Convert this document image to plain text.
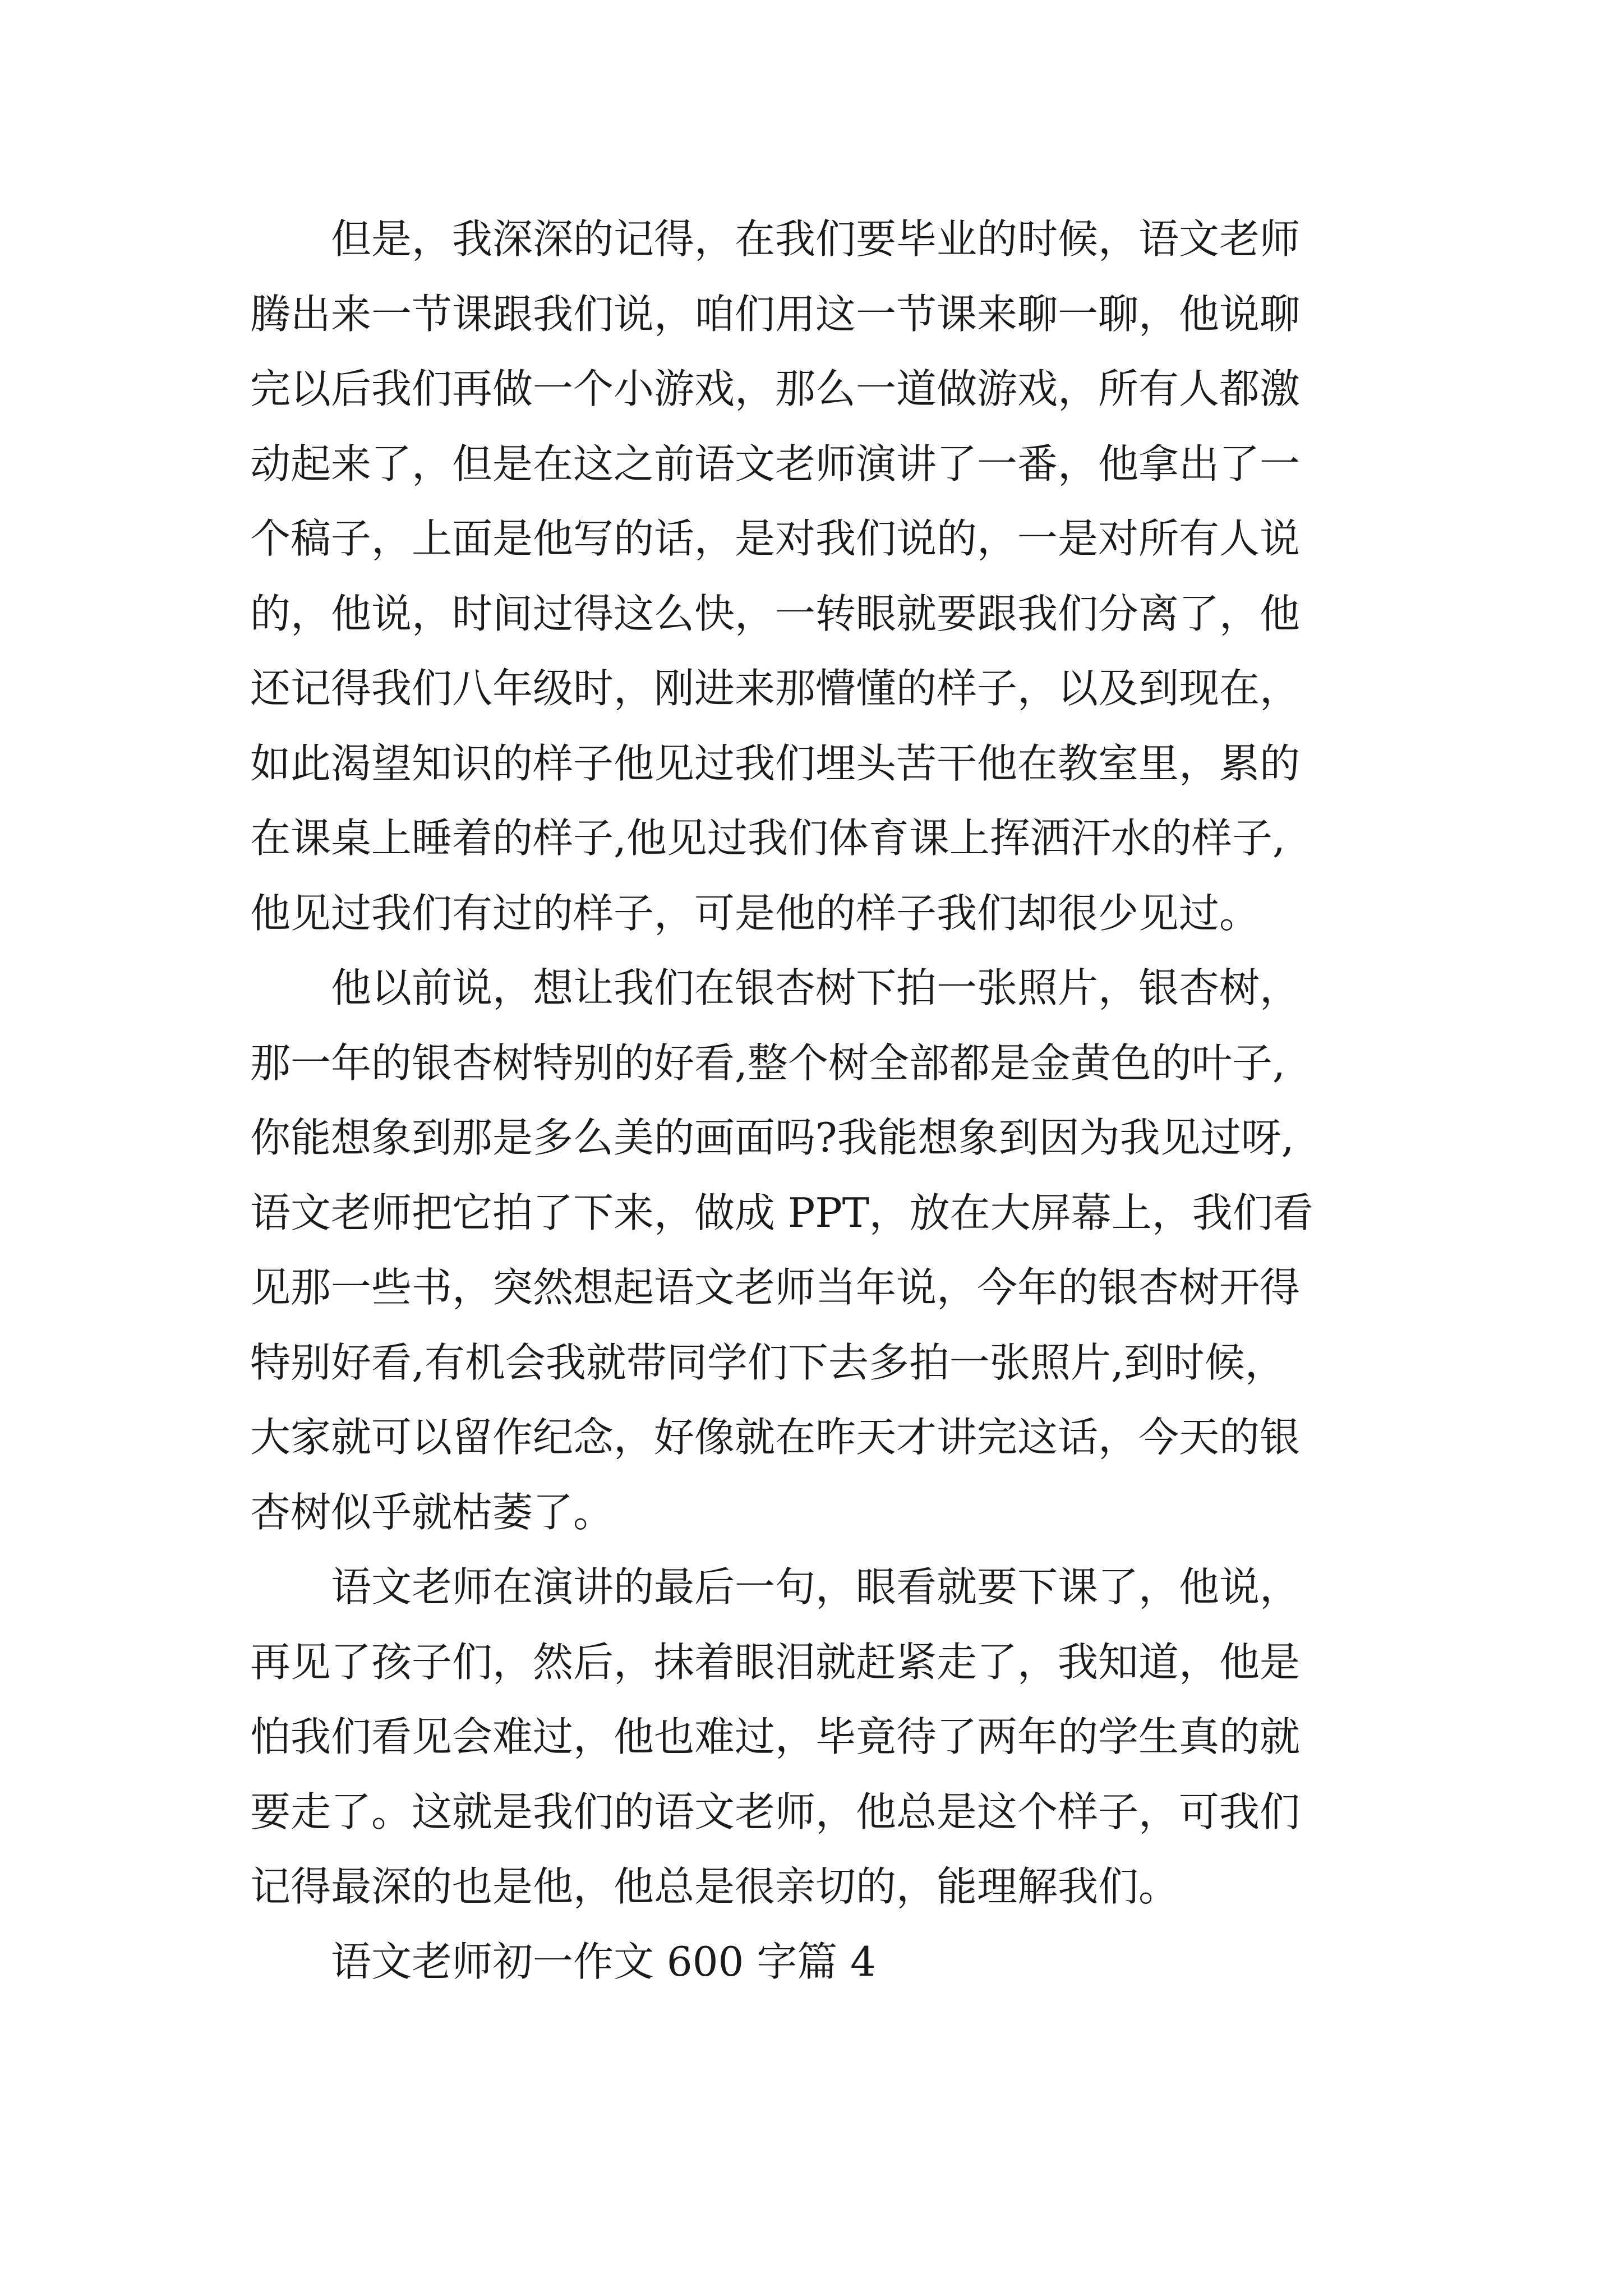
　　但是，我深深的记得，在我们要毕业的时候，语文老师
腾出来一节课跟我们说，咱们用这一节课来聊一聊，他说聊
完以后我们再做一个小游戏，那么一道做游戏，所有人都激
动起来了，但是在这之前语文老师演讲了一番，他拿出了一
个稿子，上面是他写的话，是对我们说的，一是对所有人说
的，他说，时间过得这么快，一转眼就要跟我们分离了，他
还记得我们八年级时，刚进来那懵懂的样子，以及到现在，
如此渴望知识的样子他见过我们埋头苦干他在教室里，累的
在课桌上睡着的样子,他见过我们体育课上挥洒汗水的样子,
他见过我们有过的样子，可是他的样子我们却很少见过。
　　他以前说，想让我们在银杏树下拍一张照片，银杏树，
那一年的银杏树特别的好看,整个树全部都是金黄色的叶子,
你能想象到那是多么美的画面吗?我能想象到因为我见过呀,
语文老师把它拍了下来，做成 PPT，放在大屏幕上，我们看
见那一些书，突然想起语文老师当年说，今年的银杏树开得
特别好看,有机会我就带同学们下去多拍一张照片,到时候，
大家就可以留作纪念，好像就在昨天才讲完这话，今天的银
杏树似乎就枯萎了。
　　语文老师在演讲的最后一句，眼看就要下课了，他说，
再见了孩子们，然后，抹着眼泪就赶紧走了，我知道，他是
怕我们看见会难过，他也难过，毕竟待了两年的学生真的就
要走了。这就是我们的语文老师，他总是这个样子，可我们
记得最深的也是他，他总是很亲切的，能理解我们。
　　语文老师初一作文 600 字篇 4
